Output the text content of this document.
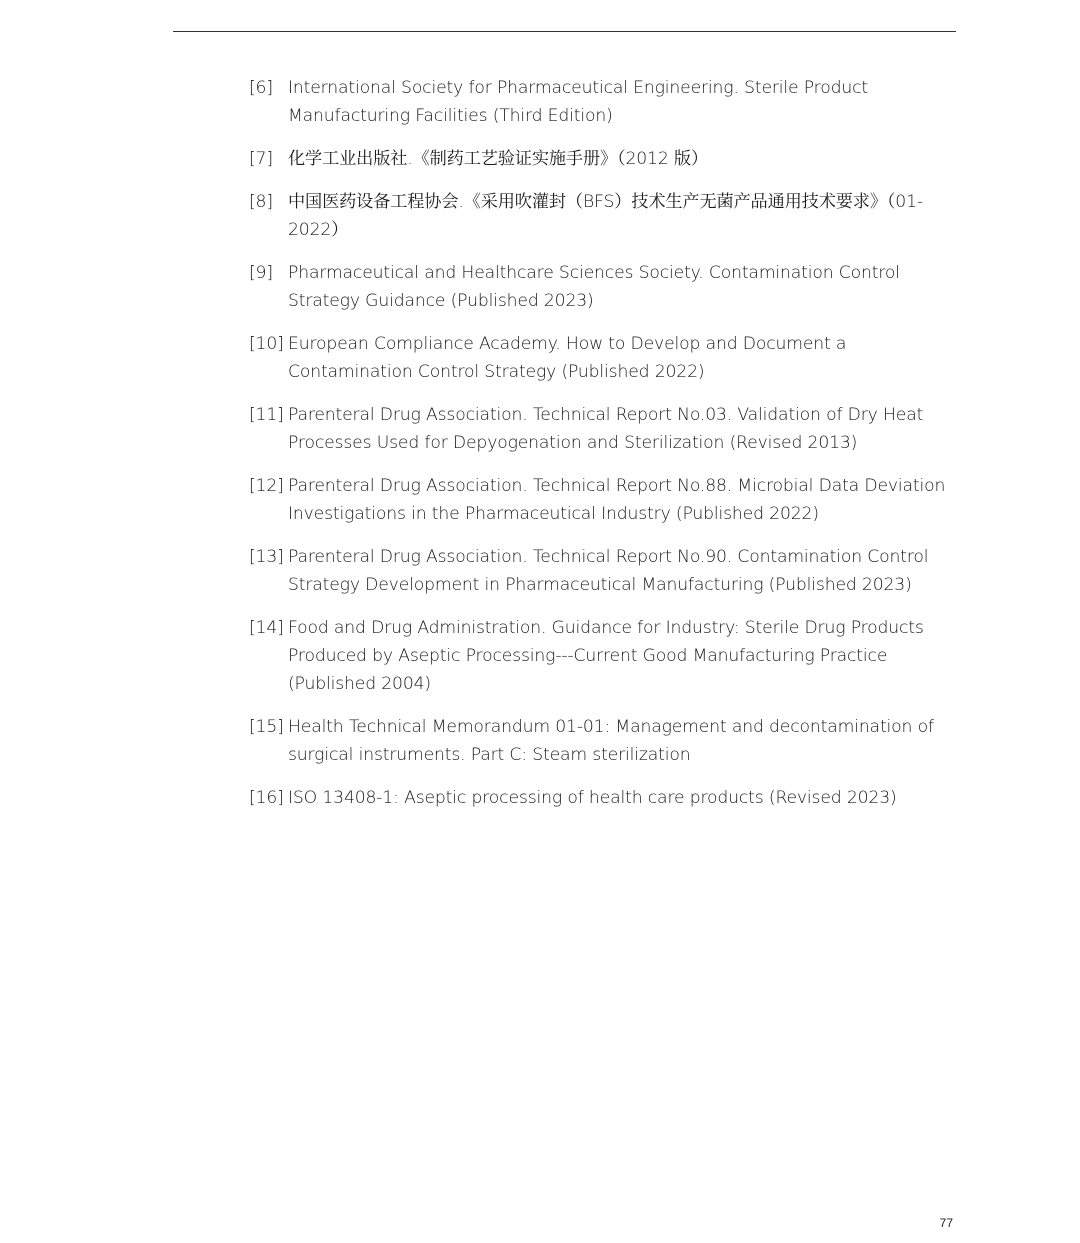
[6] International Society for Pharmaceutical Engineering. Sterile Product Manufacturing Facilities (Third Edition)
[7] 化学工业出版社.《制药工艺验证实施手册》（2012 版）
[8] 中国医药设备工程协会.《采用吹灌封（BFS）技术生产无菌产品通用技术要求》（01-2022）
[9] Pharmaceutical and Healthcare Sciences Society. Contamination Control Strategy Guidance (Published 2023)
[10] European Compliance Academy. How to Develop and Document a Contamination Control Strategy (Published 2022)
[11] Parenteral Drug Association. Technical Report No.03. Validation of Dry Heat Processes Used for Depyogenation and Sterilization (Revised 2013)
[12] Parenteral Drug Association. Technical Report No.88. Microbial Data Deviation Investigations in the Pharmaceutical Industry (Published 2022)
[13] Parenteral Drug Association. Technical Report No.90. Contamination Control Strategy Development in Pharmaceutical Manufacturing (Published 2023)
[14] Food and Drug Administration. Guidance for Industry: Sterile Drug Products Produced by Aseptic Processing---Current Good Manufacturing Practice (Published 2004)
[15] Health Technical Memorandum 01-01: Management and decontamination of surgical instruments. Part C: Steam sterilization
[16] ISO 13408-1: Aseptic processing of health care products (Revised 2023)
77
